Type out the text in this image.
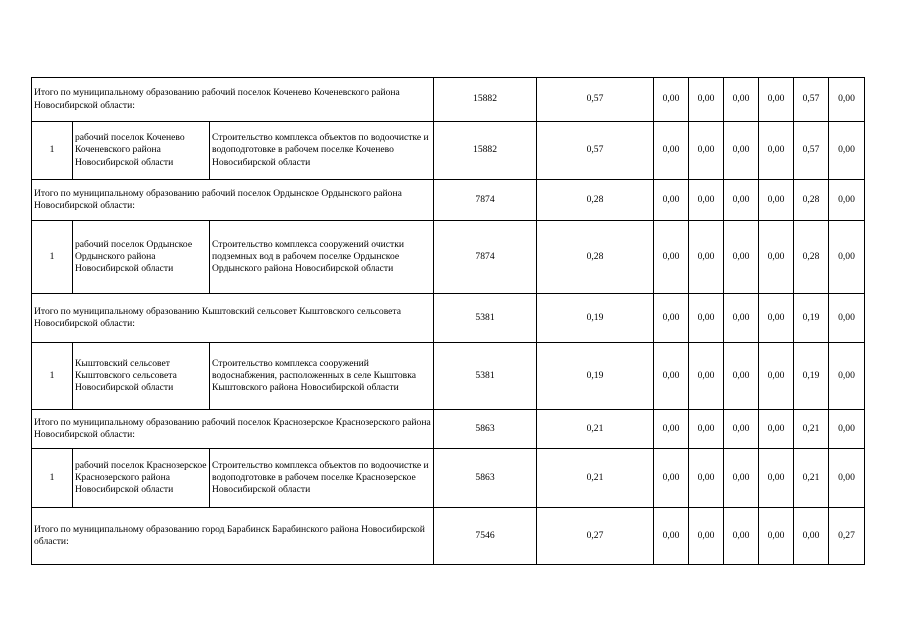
Итого по муниципальному образованию рабочий поселок Коченево Коченевского района Новосибирской области:			15882	0,57	0,00	0,00	0,00	0,00	0,57	0,00
1	рабочий поселок Коченево Коченевского района Новосибирской области	Строительство комплекса объектов по водоочистке и водоподготовке в рабочем поселке Коченево Новосибирской области	15882	0,57	0,00	0,00	0,00	0,00	0,57	0,00
Итого по муниципальному образованию рабочий поселок Ордынское Ордынского района Новосибирской области:			7874	0,28	0,00	0,00	0,00	0,00	0,28	0,00
1	рабочий поселок Ордынское Ордынского района Новосибирской области	Строительство комплекса сооружений очистки подземных вод в рабочем поселке Ордынское Ордынского района Новосибирской области	7874	0,28	0,00	0,00	0,00	0,00	0,28	0,00
Итого по муниципальному образованию Кыштовский сельсовет Кыштовского сельсовета Новосибирской области:			5381	0,19	0,00	0,00	0,00	0,00	0,19	0,00
1	Кыштовский сельсовет Кыштовского сельсовета Новосибирской области	Строительство комплекса сооружений водоснабжения, расположенных в селе Кыштовка Кыштовского района Новосибирской области	5381	0,19	0,00	0,00	0,00	0,00	0,19	0,00
Итого по муниципальному образованию рабочий поселок Краснозерское Краснозерского района Новосибирской области:			5863	0,21	0,00	0,00	0,00	0,00	0,21	0,00
1	рабочий поселок Краснозерское Краснозерского района Новосибирской области	Строительство комплекса объектов по водоочистке и водоподготовке в рабочем поселке Краснозерское Новосибирской области	5863	0,21	0,00	0,00	0,00	0,00	0,21	0,00
Итого по муниципальному образованию город Барабинск Барабинского района Новосибирской области:			7546	0,27	0,00	0,00	0,00	0,00	0,00	0,27
